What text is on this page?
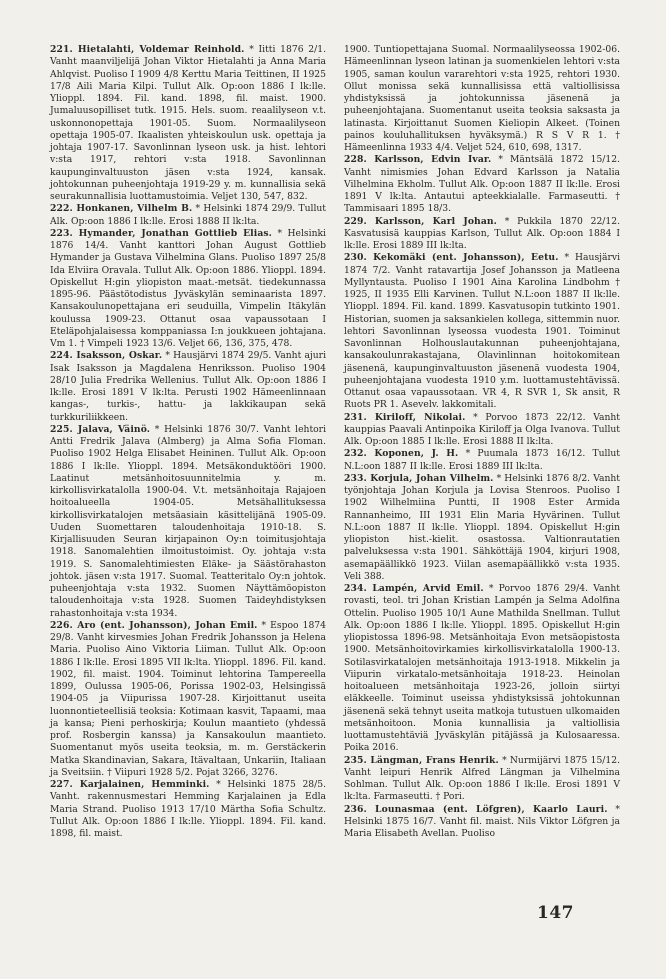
221. Hietalahti, Voldemar Reinhold. * Iitti 1876 2/1. Vanht maanviljelijä Johan Viktor Hietalahti ja Anna Maria Ahlqvist. Puoliso I 1909 4/8 Kerttu Maria Teittinen, II 1925 17/8 Aili Maria Kilpi. Tullut Alk. Op:oon 1886 I lk:lle. Ylioppl. 1894. Fil. kand. 1898, fil. maist. 1900. Jumaluusopilliset tutk. 1915. Hels. suom. reaalilyseon v.t. uskonnonopettaja 1901-05. Suom. Normaalilyseon opettaja 1905-07. Ikaalisten yhteiskoulun usk. opettaja ja johtaja 1907-17. Savonlinnan lyseon usk. ja hist. lehtori v:sta 1917, rehtori v:sta 1918. Savonlinnan kaupunginvaltuuston jäsen v:sta 1924, kansak. johtokunnan puheenjohtaja 1919-29 y. m. kunnallisia sekä seurakunnallisia luottamustoimia. Veljet 130, 547, 832.

222. Honkanen, Vilhelm B. * Helsinki 1874 29/9. Tullut Alk. Op:oon 1886 I lk:lle. Erosi 1888 II lk:lta.

223. Hymander, Jonathan Gottlieb Elias. * Helsinki 1876 14/4. Vanht kanttori Johan August Gottlieb Hymander ja Gustava Vilhelmina Glans. Puoliso 1897 25/8 Ida Elviira Oravala. Tullut Alk. Op:oon 1886. Ylioppl. 1894. Opiskellut H:gin yliopiston maat.-metsät. tiedekunnassa 1895-96. Päästötodistus Jyväskylän seminaarista 1897. Kansakoulunopettajana eri seuduilla, Vimpelin Itäkylän koulussa 1909-23. Ottanut osaa vapaussotaan I Eteläpohjalaisessa komppaniassa I:n joukkueen johtajana. Vm 1. † Vimpeli 1923 13/6. Veljet 66, 136, 375, 478.

224. Isaksson, Oskar. * Hausjärvi 1874 29/5. Vanht ajuri Isak Isaksson ja Magdalena Henriksson. Puoliso 1904 28/10 Julia Fredrika Wellenius. Tullut Alk. Op:oon 1886 I lk:lle. Erosi 1891 V lk:lta. Perusti 1902 Hämeenlinnaan kangas-, turkis-, hattu- ja lakkikaupan sekä turkkuriliikkeen.

225. Jalava, Väinö. * Helsinki 1876 30/7. Vanht lehtori Antti Fredrik Jalava (Almberg) ja Alma Sofia Floman. Puoliso 1902 Helga Elisabet Heininen. Tullut Alk. Op:oon 1886 I lk:lle. Ylioppl. 1894. Metsäkonduktööri 1900. Laatinut metsänhoitosuunnitelmia y. m. kirkollisvirkatalolla 1900-04. V.t. metsänhoitaja Rajajoen hoitoalueella 1904-05. Metsähallituksessa kirkollisvirkatalojen metsäasiain käsittelijänä 1905-09. Uuden Suomettaren taloudenhoitaja 1910-18. S. Kirjallisuuden Seuran kirjapainon Oy:n toimitusjohtaja 1918. Sanomalehtien ilmoitustoimist. Oy. johtaja v:sta 1919. S. Sanomalehtimiesten Eläke- ja Säästörahaston johtok. jäsen v:sta 1917. Suomal. Teatteritalo Oy:n johtok. puheenjohtaja v:sta 1932. Suomen Näyttämöopiston taloudenhoitaja v:sta 1928. Suomen Taideyhdistyksen rahastonhoitaja v:sta 1934.

226. Aro (ent. Johansson), Johan Emil. * Espoo 1874 29/8. Vanht kirvesmies Johan Fredrik Johansson ja Helena Maria. Puoliso Aino Viktoria Liiman. Tullut Alk. Op:oon 1886 I lk:lle. Erosi 1895 VII lk:lta. Ylioppl. 1896. Fil. kand. 1902, fil. maist. 1904. Toiminut lehtorina Tampereella 1899, Oulussa 1905-06, Porissa 1902-03, Helsingissä 1904-05 ja Viipurissa 1907-28. Kirjoittanut useita luonnontieteellisiä teoksia: Kotimaan kasvit, Tapaami, maa ja kansa; Pieni perhoskirja; Koulun maantieto (yhdessä prof. Rosbergin kanssa) ja Kansakoulun maantieto. Suomentanut myös useita teoksia, m. m. Gerstäckerin Matka Skandinavian, Sakara, Itävaltaan, Unkariin, Italiaan ja Sveitsiin. † Viipuri 1928 5/2. Pojat 3266, 3276.

227. Karjalainen, Hemminki. * Helsinki 1875 28/5. Vanht. rakennusmestari Hemming Karjalainen ja Edla Maria Strand. Puoliso 1913 17/10 Märtha Sofia Schultz. Tullut Alk. Op:oon 1886 I lk:lle. Ylioppl. 1894. Fil. kand. 1898, fil. maist.

1900. Tuntiopettajana Suomal. Normaalilyseossa 1902-06. Hämeenlinnan lyseon latinan ja suomenkielen lehtori v:sta 1905, saman koulun vararehtori v:sta 1925, rehtori 1930. Ollut monissa sekä kunnallisissa että valtiollisissa yhdistyksissä ja johtokunnissa jäsenenä ja puheenjohtajana. Suomentanut useita teoksia saksasta ja latinasta. Kirjoittanut Suomen Kieliopin Alkeet. (Toinen painos kouluhallituksen hyväksymä.) R S V R 1. † Hämeenlinna 1933 4/4. Veljet 524, 610, 698, 1317.

228. Karlsson, Edvin Ivar. * Mäntsälä 1872 15/12. Vanht nimismies Johan Edvard Karlsson ja Natalia Vilhelmina Ekholm. Tullut Alk. Op:oon 1887 II lk:lle. Erosi 1891 V lk:lta. Antautui apteekkialalle. Farmaseutti. † Tammisaari 1895 18/3.

229. Karlsson, Karl Johan. * Pukkila 1870 22/12. Kasvatusisä kauppias Karlson, Tullut Alk. Op:oon 1884 I lk:lle. Erosi 1889 III lk:lta.

230. Kekomäki (ent. Johansson), Eetu. * Hausjärvi 1874 7/2. Vanht ratavartija Josef Johansson ja Matleena Myllyntausta. Puoliso I 1901 Aina Karolina Lindbohm † 1925, II 1935 Elli Karvinen. Tullut N.L:oon 1887 II lk:lle. Ylioppl. 1894. Fil. kand. 1899. Kasvatusopin tutkinto 1901. Historian, suomen ja saksankielen kollega, sittemmin nuor. lehtori Savonlinnan lyseossa vuodesta 1901. Toiminut Savonlinnan Holhouslautakunnan puheenjohtajana, kansakoulunrakastajana, Olavinlinnan hoitokomitean jäsenenä, kaupunginvaltuuston jäsenenä vuodesta 1904, puheenjohtajana vuodesta 1910 y.m. luottamustehtävissä. Ottanut osaa vapaussotaan. VR 4, R SVR 1, Sk ansit, R Ruots PR 1. Asevelv. lakkomitali.

231. Kiriloff, Nikolai. * Porvoo 1873 22/12. Vanht kauppias Paavali Antinpoika Kiriloff ja Olga Ivanova. Tullut Alk. Op:oon 1885 I lk:lle. Erosi 1888 II lk:lta.

232. Koponen, J. H. * Puumala 1873 16/12. Tullut N.L:oon 1887 II lk:lle. Erosi 1889 III lk:lta.

233. Korjula, Johan Vilhelm. * Helsinki 1876 8/2. Vanht työnjohtaja Johan Korjula ja Lovisa Stenroos. Puoliso I 1902 Wilhelmiina Puntti, II 1908 Ester Armida Rannanheimo, III 1931 Elin Maria Hyvärinen. Tullut N.L:oon 1887 II lk:lle. Ylioppl. 1894. Opiskellut H:gin yliopiston hist.-kielit. osastossa. Valtionrautatien palveluksessa v:sta 1901. Sähköttäjä 1904, kirjuri 1908, asemapäällikkö 1923. Viilan asemapäällikkö v:sta 1935. Veli 388.

234. Lampén, Arvid Emil. * Porvoo 1876 29/4. Vanht rovasti, teol. tri Johan Kristian Lampén ja Selma Adolfina Ottelin. Puoliso 1905 10/1 Aune Mathilda Snellman. Tullut Alk. Op:oon 1886 I lk:lle. Ylioppl. 1895. Opiskellut H:gin yliopistossa 1896-98. Metsänhoitaja Evon metsäopistosta 1900. Metsänhoitovirkamies kirkollisvirkatalolla 1900-13. Sotilasvirkatalojen metsänhoitaja 1913-1918. Mikkelin ja Viipurin virkatalo-metsänhoitaja 1918-23. Heinolan hoitoalueen metsänhoitaja 1923-26, jolloin siirtyi eläkkeelle. Toiminut useissa yhdistyksissä johtokunnan jäsenenä sekä tehnyt useita matkoja tutustuen ulkomaiden metsänhoitoon. Monia kunnallisia ja valtiollisia luottamustehtäviä Jyväskylän pitäjässä ja Kulosaaressa. Poika 2016.

235. Längman, Frans Henrik. * Nurmijärvi 1875 15/12. Vanht leipuri Henrik Alfred Längman ja Vilhelmina Sohlman. Tullut Alk. Op:oon 1886 I lk:lle. Erosi 1891 V lk:lta. Farmaseutti. † Pori.

236. Lounasmaa (ent. Löfgren), Kaarlo Lauri. * Helsinki 1875 16/7. Vanht fil. maist. Nils Viktor Löfgren ja Maria Elisabeth Avellan. Puoliso

147
